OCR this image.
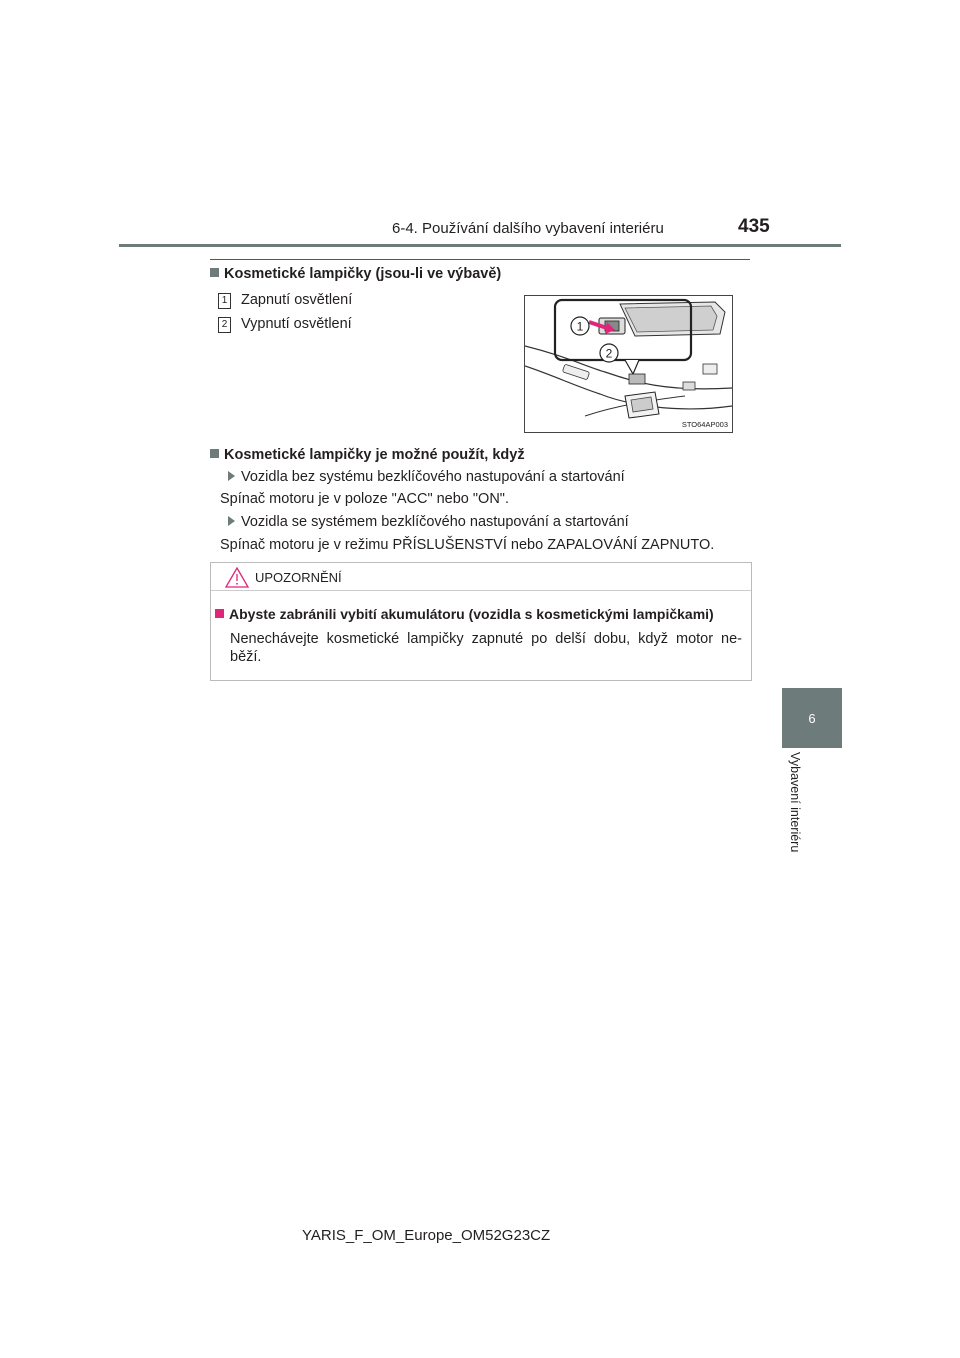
6-4. Používání dalšího vybavení interiéru	435
6
Vybavení interiéru
Kosmetické lampičky (jsou-li ve výbavě)
1 Zapnutí osvětlení
2 Vypnutí osvětlení	1
2
STO64AP003
Kosmetické lampičky je možné použít, když
Vozidla bez systému bezklíčového nastupování a startování
Spínač motoru je v poloze "ACC" nebo "ON".
Vozidla se systémem bezklíčového nastupování a startování
Spínač motoru je v režimu PŘÍSLUŠENSTVÍ nebo ZAPALOVÁNÍ ZAPNUTO.
UPOZORNĚNÍ
Abyste zabránili vybití akumulátoru (vozidla s kosmetickými lampičkami)
Nenechávejte kosmetické lampičky zapnuté po delší dobu, když motor ne-
běží.
YARIS_F_OM_Europe_OM52G23CZ
